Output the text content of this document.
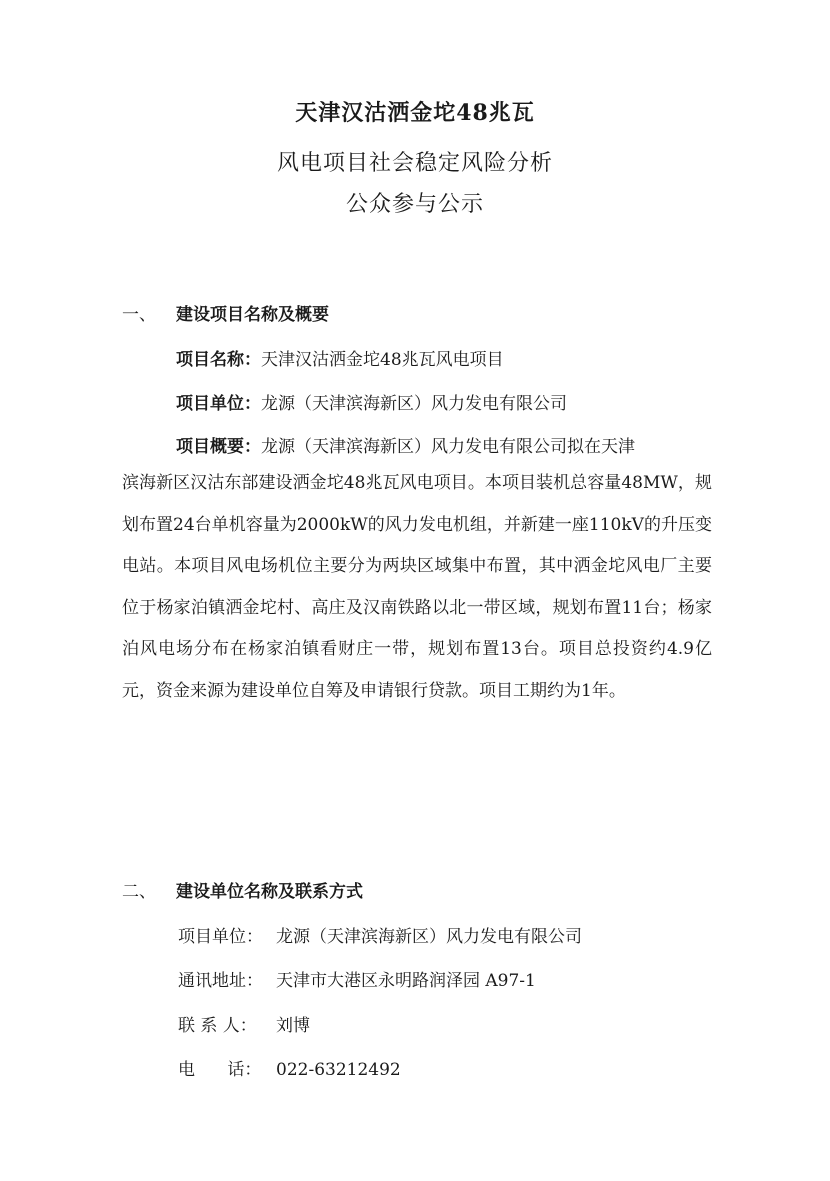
天津汉沽洒金坨48兆瓦
风电项目社会稳定风险分析
公众参与公示
一、 建设项目名称及概要
项目名称：天津汉沽洒金坨48兆瓦风电项目
项目单位：龙源（天津滨海新区）风力发电有限公司
项目概要：龙源（天津滨海新区）风力发电有限公司拟在天津
滨海新区汉沽东部建设洒金坨48兆瓦风电项目。本项目装机总容量48MW，规划布置24台单机容量为2000kW的风力发电机组，并新建一座110kV的升压变电站。本项目风电场机位主要分为两块区域集中布置，其中洒金坨风电厂主要位于杨家泊镇洒金坨村、高庄及汉南铁路以北一带区域，规划布置11台；杨家泊风电场分布在杨家泊镇看财庄一带，规划布置13台。项目总投资约4.9亿元，资金来源为建设单位自筹及申请银行贷款。项目工期约为1年。
二、 建设单位名称及联系方式
项目单位： 龙源（天津滨海新区）风力发电有限公司
通讯地址： 天津市大港区永明路润泽园 A97-1
联 系 人： 刘博
电      话： 022-63212492
